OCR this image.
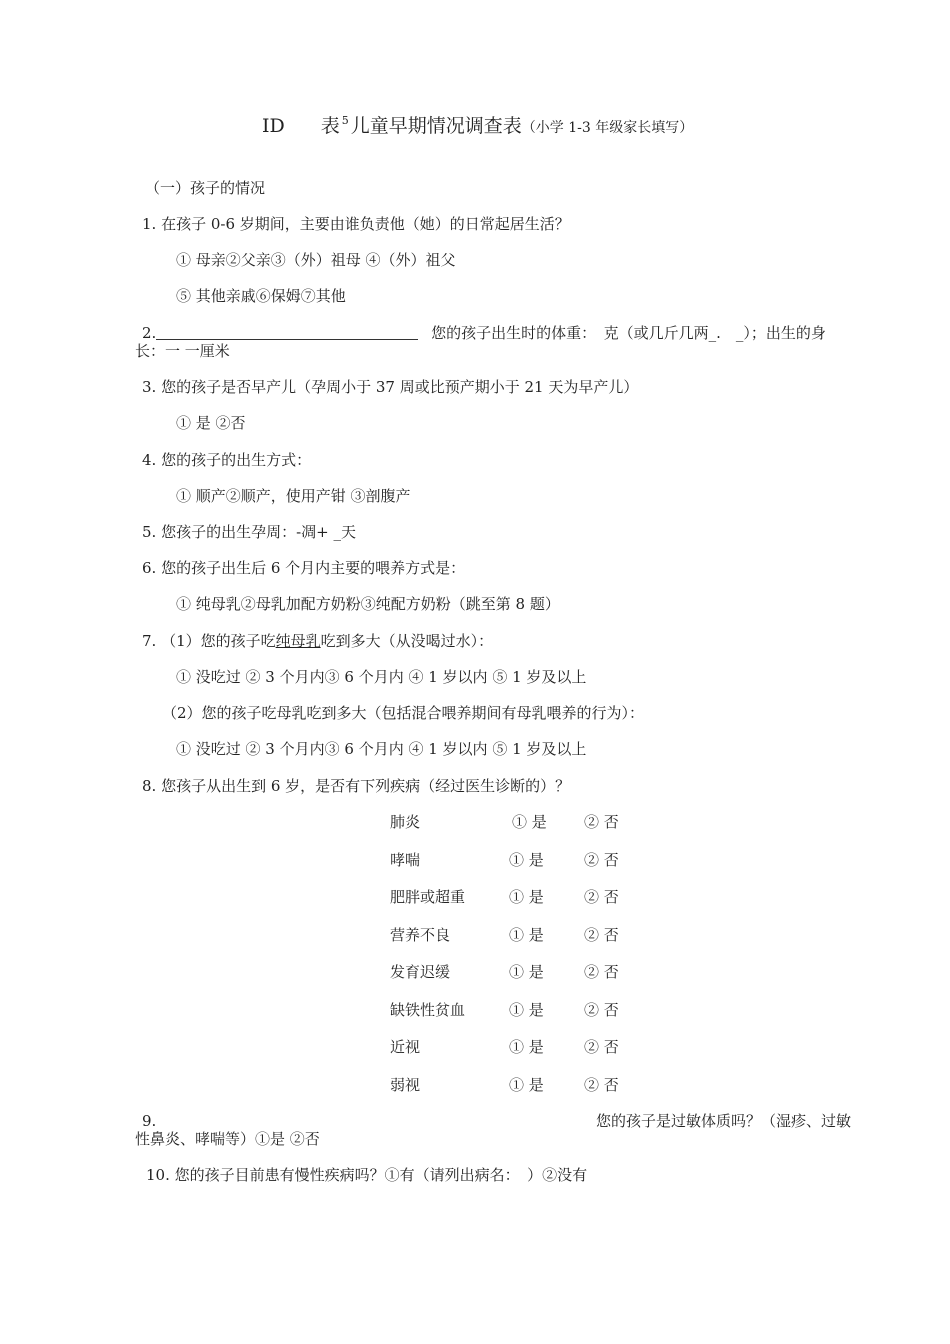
ID 表 $^5$ 儿童早期情况调查表（小学 1-3 年级家长填写）
（一）孩子的情况
1. 在孩子 0-6 岁期间，主要由谁负责他（她）的日常起居生活？
① 母亲②父亲③（外）祖母 ④（外）祖父
⑤ 其他亲戚⑥保姆⑦其他
2.	您的孩子出生时的体重：　克（或几斤几两_.　_）；出生的身
长：一 一厘米
3. 您的孩子是否早产儿（孕周小于 37 周或比预产期小于 21 天为早产儿）
① 是 ②否
4. 您的孩子的出生方式：
① 顺产②顺产，使用产钳 ③剖腹产
5. 您孩子的出生孕周：-凋+ _天
6. 您的孩子出生后 6 个月内主要的喂养方式是：
① 纯母乳②母乳加配方奶粉③纯配方奶粉（跳至第 8 题）
7. （1）您的孩子吃纯母乳吃到多大（从没喝过水）：
① 没吃过 ② 3 个月内③ 6 个月内 ④ 1 岁以内 ⑤ 1 岁及以上
（2）您的孩子吃母乳吃到多大（包括混合喂养期间有母乳喂养的行为）：
① 没吃过 ② 3 个月内③ 6 个月内 ④ 1 岁以内 ⑤ 1 岁及以上
8. 您孩子从出生到 6 岁，是否有下列疾病（经过医生诊断的）？
肺炎	① 是 ② 否
哮喘	① 是	② 否
肥胖或超重	① 是	② 否
营养不良	① 是	② 否
发育迟缓	① 是	② 否
缺铁性贫血	① 是	② 否
近视	① 是	② 否
弱视	① 是	② 否
9.	您的孩子是过敏体质吗？（湿疹、过敏
性鼻炎、哮喘等）①是 ②否
10. 您的孩子目前患有慢性疾病吗？①有（请列出病名：　）②没有
